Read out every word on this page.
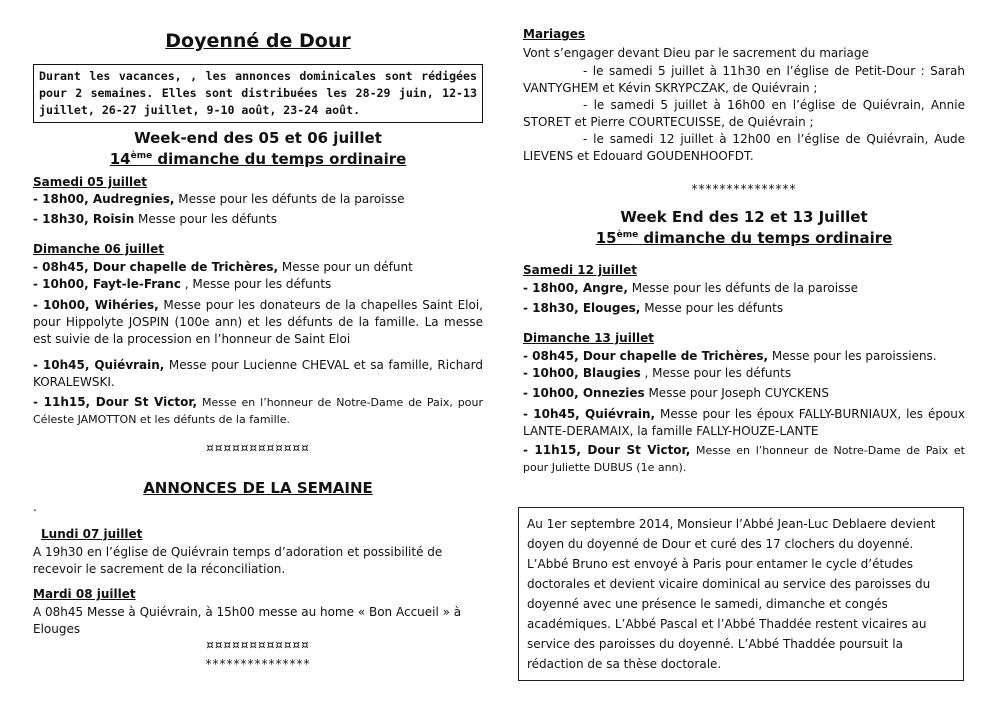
Doyenné de Dour

Durant les vacances, , les annonces dominicales sont rédigées pour 2 semaines. Elles sont distribuées les 28-29 juin, 12-13 juillet, 26-27 juillet, 9-10 août, 23-24 août.

Week-end des 05 et 06 juillet

14ème dimanche du temps ordinaire

Samedi 05 juillet

- 18h00, Audregnies, Messe pour les défunts de la paroisse

- 18h30, Roisin Messe pour les défunts

Dimanche 06 juillet

- 08h45, Dour chapelle de Trichères, Messe pour un défunt

- 10h00, Fayt-le-Franc , Messe pour les défunts

- 10h00, Wihéries, Messe pour les donateurs de la chapelles Saint Eloi, pour Hippolyte JOSPIN (100e ann) et les défunts de la famille. La messe est suivie de la procession en l’honneur de Saint Eloi

- 10h45, Quiévrain, Messe pour Lucienne CHEVAL et sa famille, Richard KORALEWSKI.

- 11h15, Dour St Victor, Messe en l’honneur de Notre-Dame de Paix, pour Céleste JAMOTTON et les défunts de la famille.

¤¤¤¤¤¤¤¤¤¤¤¤

ANNONCES DE LA SEMAINE

.

Lundi 07 juillet

A 19h30 en l’église de Quiévrain temps d’adoration et possibilité de recevoir le sacrement de la réconciliation.

Mardi 08 juillet

A 08h45 Messe à Quiévrain, à 15h00 messe au home « Bon Accueil » à Elouges

¤¤¤¤¤¤¤¤¤¤¤¤

***************

Mariages

Vont s’engager devant Dieu par le sacrement du mariage

- le samedi 5 juillet à 11h30 en l’église de Petit-Dour : Sarah VANTYGHEM et Kévin SKRYPCZAK, de Quiévrain ;

- le samedi 5 juillet à 16h00 en l’église de Quiévrain, Annie STORET et Pierre COURTECUISSE, de Quiévrain ;

- le samedi 12 juillet à 12h00 en l’église de Quiévrain, Aude LIEVENS et Edouard GOUDENHOOFDT.

***************

Week End des 12 et 13 Juillet

15ème dimanche du temps ordinaire

Samedi 12 juillet

- 18h00, Angre, Messe pour les défunts de la paroisse

- 18h30, Elouges, Messe pour les défunts

Dimanche 13 juillet

- 08h45, Dour chapelle de Trichères, Messe pour les paroissiens.

- 10h00, Blaugies , Messe pour les défunts

- 10h00, Onnezies Messe pour Joseph CUYCKENS

- 10h45, Quiévrain, Messe pour les époux FALLY-BURNIAUX, les époux LANTE-DERAMAIX, la famille FALLY-HOUZE-LANTE

- 11h15, Dour St Victor, Messe en l’honneur de Notre-Dame de Paix et pour Juliette DUBUS (1e ann).

Au 1er septembre 2014, Monsieur l’Abbé Jean-Luc Deblaere devient doyen du doyenné de Dour et curé des 17 clochers du doyenné. L’Abbé Bruno est envoyé à Paris pour entamer le cycle d’études doctorales et devient vicaire dominical au service des paroisses du doyenné avec une présence le samedi, dimanche et congés académiques. L’Abbé Pascal et l’Abbé Thaddée restent vicaires au service des paroisses du doyenné. L’Abbé Thaddée poursuit la rédaction de sa thèse doctorale.
